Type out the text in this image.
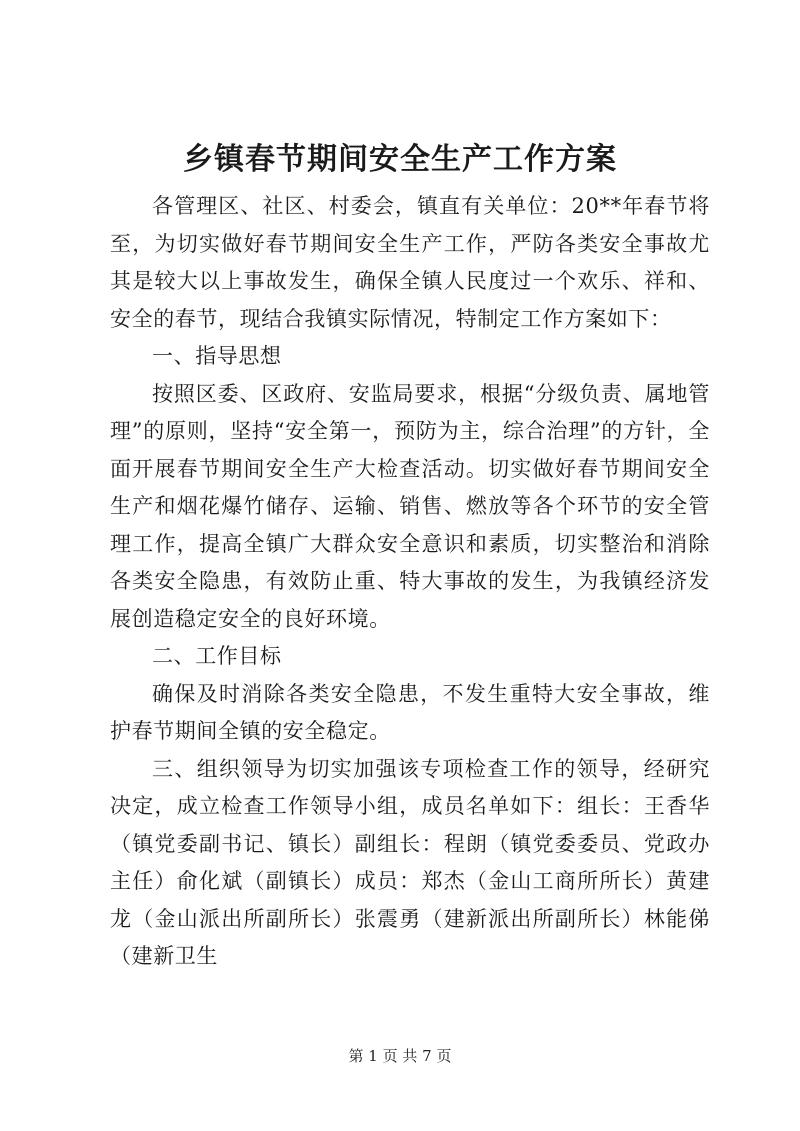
乡镇春节期间安全生产工作方案

各管理区、社区、村委会，镇直有关单位：20**年春节将至，为切实做好春节期间安全生产工作，严防各类安全事故尤其是较大以上事故发生，确保全镇人民度过一个欢乐、祥和、安全的春节，现结合我镇实际情况，特制定工作方案如下：

一、指导思想

按照区委、区政府、安监局要求，根据“分级负责、属地管理”的原则，坚持“安全第一，预防为主，综合治理”的方针，全面开展春节期间安全生产大检查活动。切实做好春节期间安全生产和烟花爆竹储存、运输、销售、燃放等各个环节的安全管理工作，提高全镇广大群众安全意识和素质，切实整治和消除各类安全隐患，有效防止重、特大事故的发生，为我镇经济发展创造稳定安全的良好环境。

二、工作目标

确保及时消除各类安全隐患，不发生重特大安全事故，维护春节期间全镇的安全稳定。

三、组织领导为切实加强该专项检查工作的领导，经研究决定，成立检查工作领导小组，成员名单如下：组长：王香华（镇党委副书记、镇长）副组长：程朗（镇党委委员、党政办主任）俞化斌（副镇长）成员：郑杰（金山工商所所长）黄建龙（金山派出所副所长）张震勇（建新派出所副所长）林能俤（建新卫生

第 1 页 共 7 页
